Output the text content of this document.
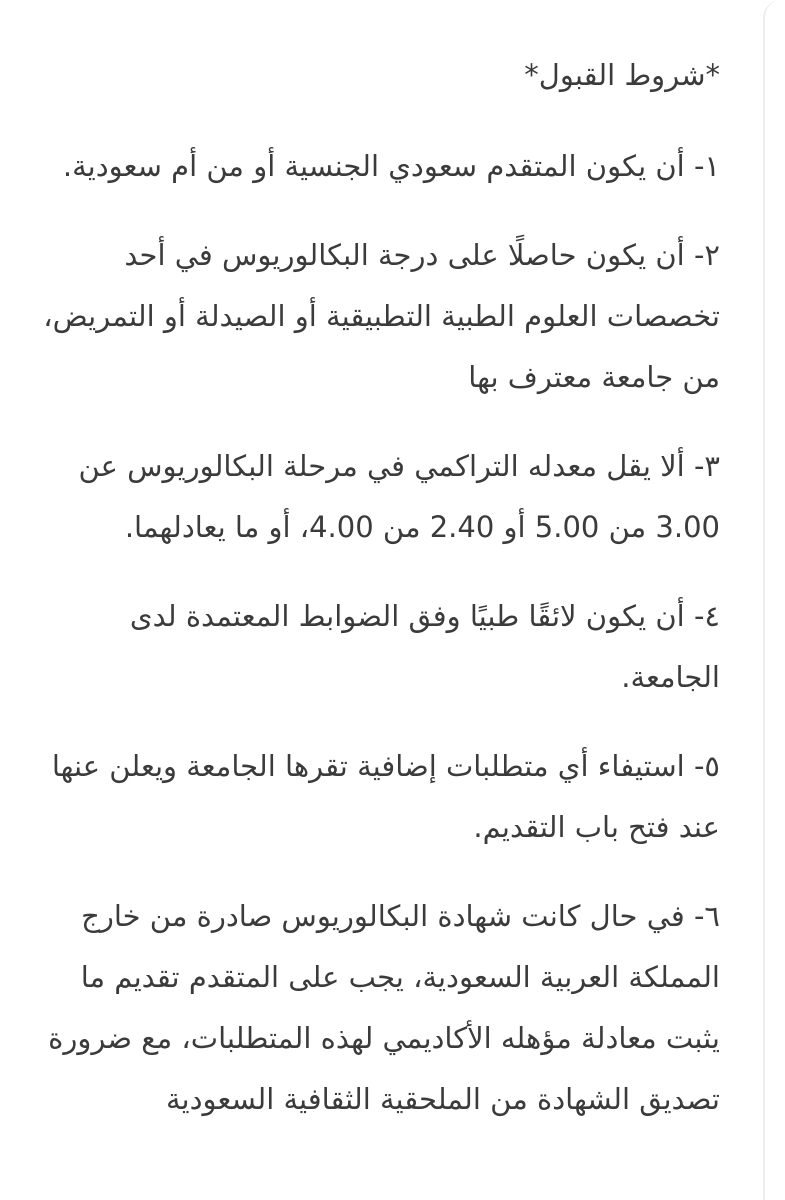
*شروط القبول*

١- أن يكون المتقدم سعودي الجنسية أو من أم سعودية.

٢- أن يكون حاصلًا على درجة البكالوريوس في أحد تخصصات العلوم الطبية التطبيقية أو الصيدلة أو التمريض، من جامعة معترف بها

٣- ألا يقل معدله التراكمي في مرحلة البكالوريوس عن 3.00 من 5.00 أو 2.40 من 4.00، أو ما يعادلهما.

٤- أن يكون لائقًا طبيًا وفق الضوابط المعتمدة لدى الجامعة.

٥- استيفاء أي متطلبات إضافية تقرها الجامعة ويعلن عنها عند فتح باب التقديم.

٦- في حال كانت شهادة البكالوريوس صادرة من خارج المملكة العربية السعودية، يجب على المتقدم تقديم ما يثبت معادلة مؤهله الأكاديمي لهذه المتطلبات، مع ضرورة تصديق الشهادة من الملحقية الثقافية السعودية
